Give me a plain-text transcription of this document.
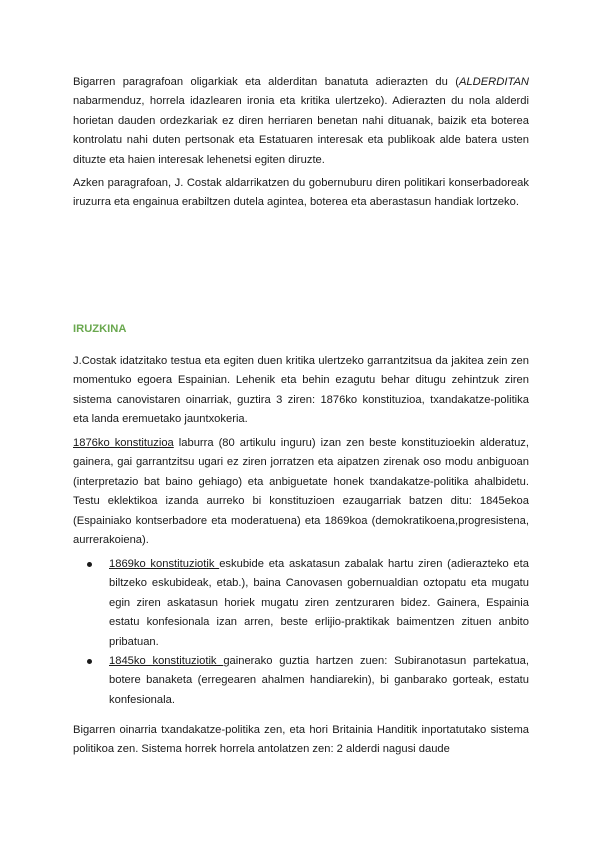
Bigarren paragrafoan oligarkiak eta alderditan banatuta adierazten du (ALDERDITAN nabarmenduz, horrela idazlearen ironia eta kritika ulertzeko). Adierazten du nola alderdi horietan dauden ordezkariak ez diren herriaren benetan nahi dituanak, baizik eta boterea kontrolatu nahi duten pertsonak eta Estatuaren interesak eta publikoak alde batera usten dituzte eta haien interesak lehenetsi egiten diruzte.

Azken paragrafoan, J. Costak aldarrikatzen du gobernuburu diren politikari konserbadoreak iruzurra eta engainua erabiltzen dutela agintea, boterea eta aberastasun handiak lortzeko.

IRUZKINA

J.Costak idatzitako testua eta egiten duen kritika ulertzeko garrantzitsua da jakitea zein zen momentuko egoera Espainian. Lehenik eta behin ezagutu behar ditugu zehintzuk ziren sistema canovistaren oinarriak, guztira 3 ziren: 1876ko konstituzioa, txandakatze-politika eta landa eremuetako jauntxokeria.

1876ko konstituzioa laburra (80 artikulu inguru) izan zen beste konstituzioekin alderatuz, gainera, gai garrantzitsu ugari ez ziren jorratzen eta aipatzen zirenak oso modu anbiguoan (interpretazio bat baino gehiago) eta anbiguetate honek txandakatze-politika ahalbidetu. Testu eklektikoa izanda aurreko bi konstituzioen ezaugarriak batzen ditu: 1845ekoa (Espainiako kontserbadore eta moderatuena) eta 1869koa (demokratikoena,progresistena, aurrerakoiena).

1869ko konstituziotik eskubide eta askatasun zabalak hartu ziren (adierazteko eta biltzeko eskubideak, etab.), baina Canovasen gobernualdian oztopatu eta mugatu egin ziren askatasun horiek mugatu ziren zentzuraren bidez. Gainera, Espainia estatu konfesionala izan arren, beste erlijio-praktikak baimentzen zituen anbito pribatuan.
1845ko konstituziotik gainerako guztia hartzen zuen: Subiranotasun partekatua, botere banaketa (erregearen ahalmen handiarekin), bi ganbarako gorteak, estatu konfesionala.

Bigarren oinarria txandakatze-politika zen, eta hori Britainia Handitik inportatutako sistema politikoa zen. Sistema horrek horrela antolatzen zen: 2 alderdi nagusi daude
